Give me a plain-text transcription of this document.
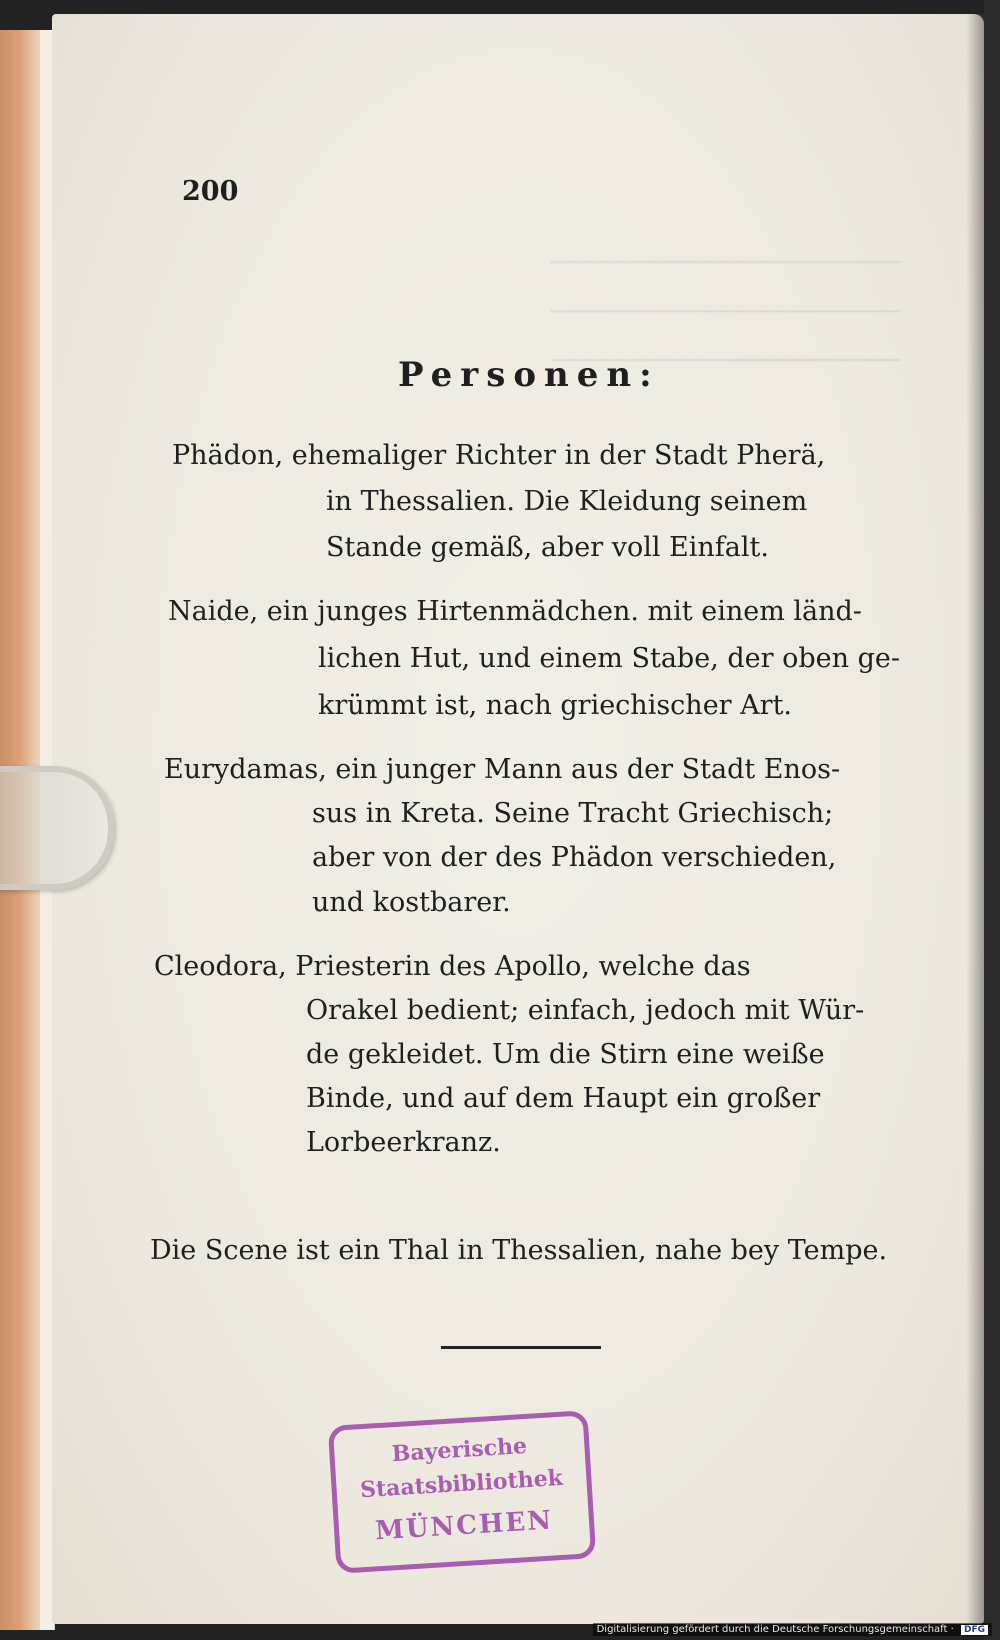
────────────────────
────────────────────
────────────────────
200
Personen:
Phädon, ehemaliger Richter in der Stadt Pherä,
in Thessalien. Die Kleidung seinem
Stande gemäß, aber voll Einfalt.
Naide, ein junges Hirtenmädchen. mit einem länd-
lichen Hut, und einem Stabe, der oben ge-
krümmt ist, nach griechischer Art.
Eurydamas, ein junger Mann aus der Stadt Enos-
sus in Kreta. Seine Tracht Griechisch;
aber von der des Phädon verschieden,
und kostbarer.
Cleodora, Priesterin des Apollo, welche das
Orakel bedient; einfach, jedoch mit Wür-
de gekleidet. Um die Stirn eine weiße
Binde, und auf dem Haupt ein großer
Lorbeerkranz.
Die Scene ist ein Thal in Thessalien, nahe bey Tempe.
Bayerische
Staatsbibliothek
MÜNCHEN
Digitalisierung gefördert durch die Deutsche Forschungsgemeinschaft · DFG
